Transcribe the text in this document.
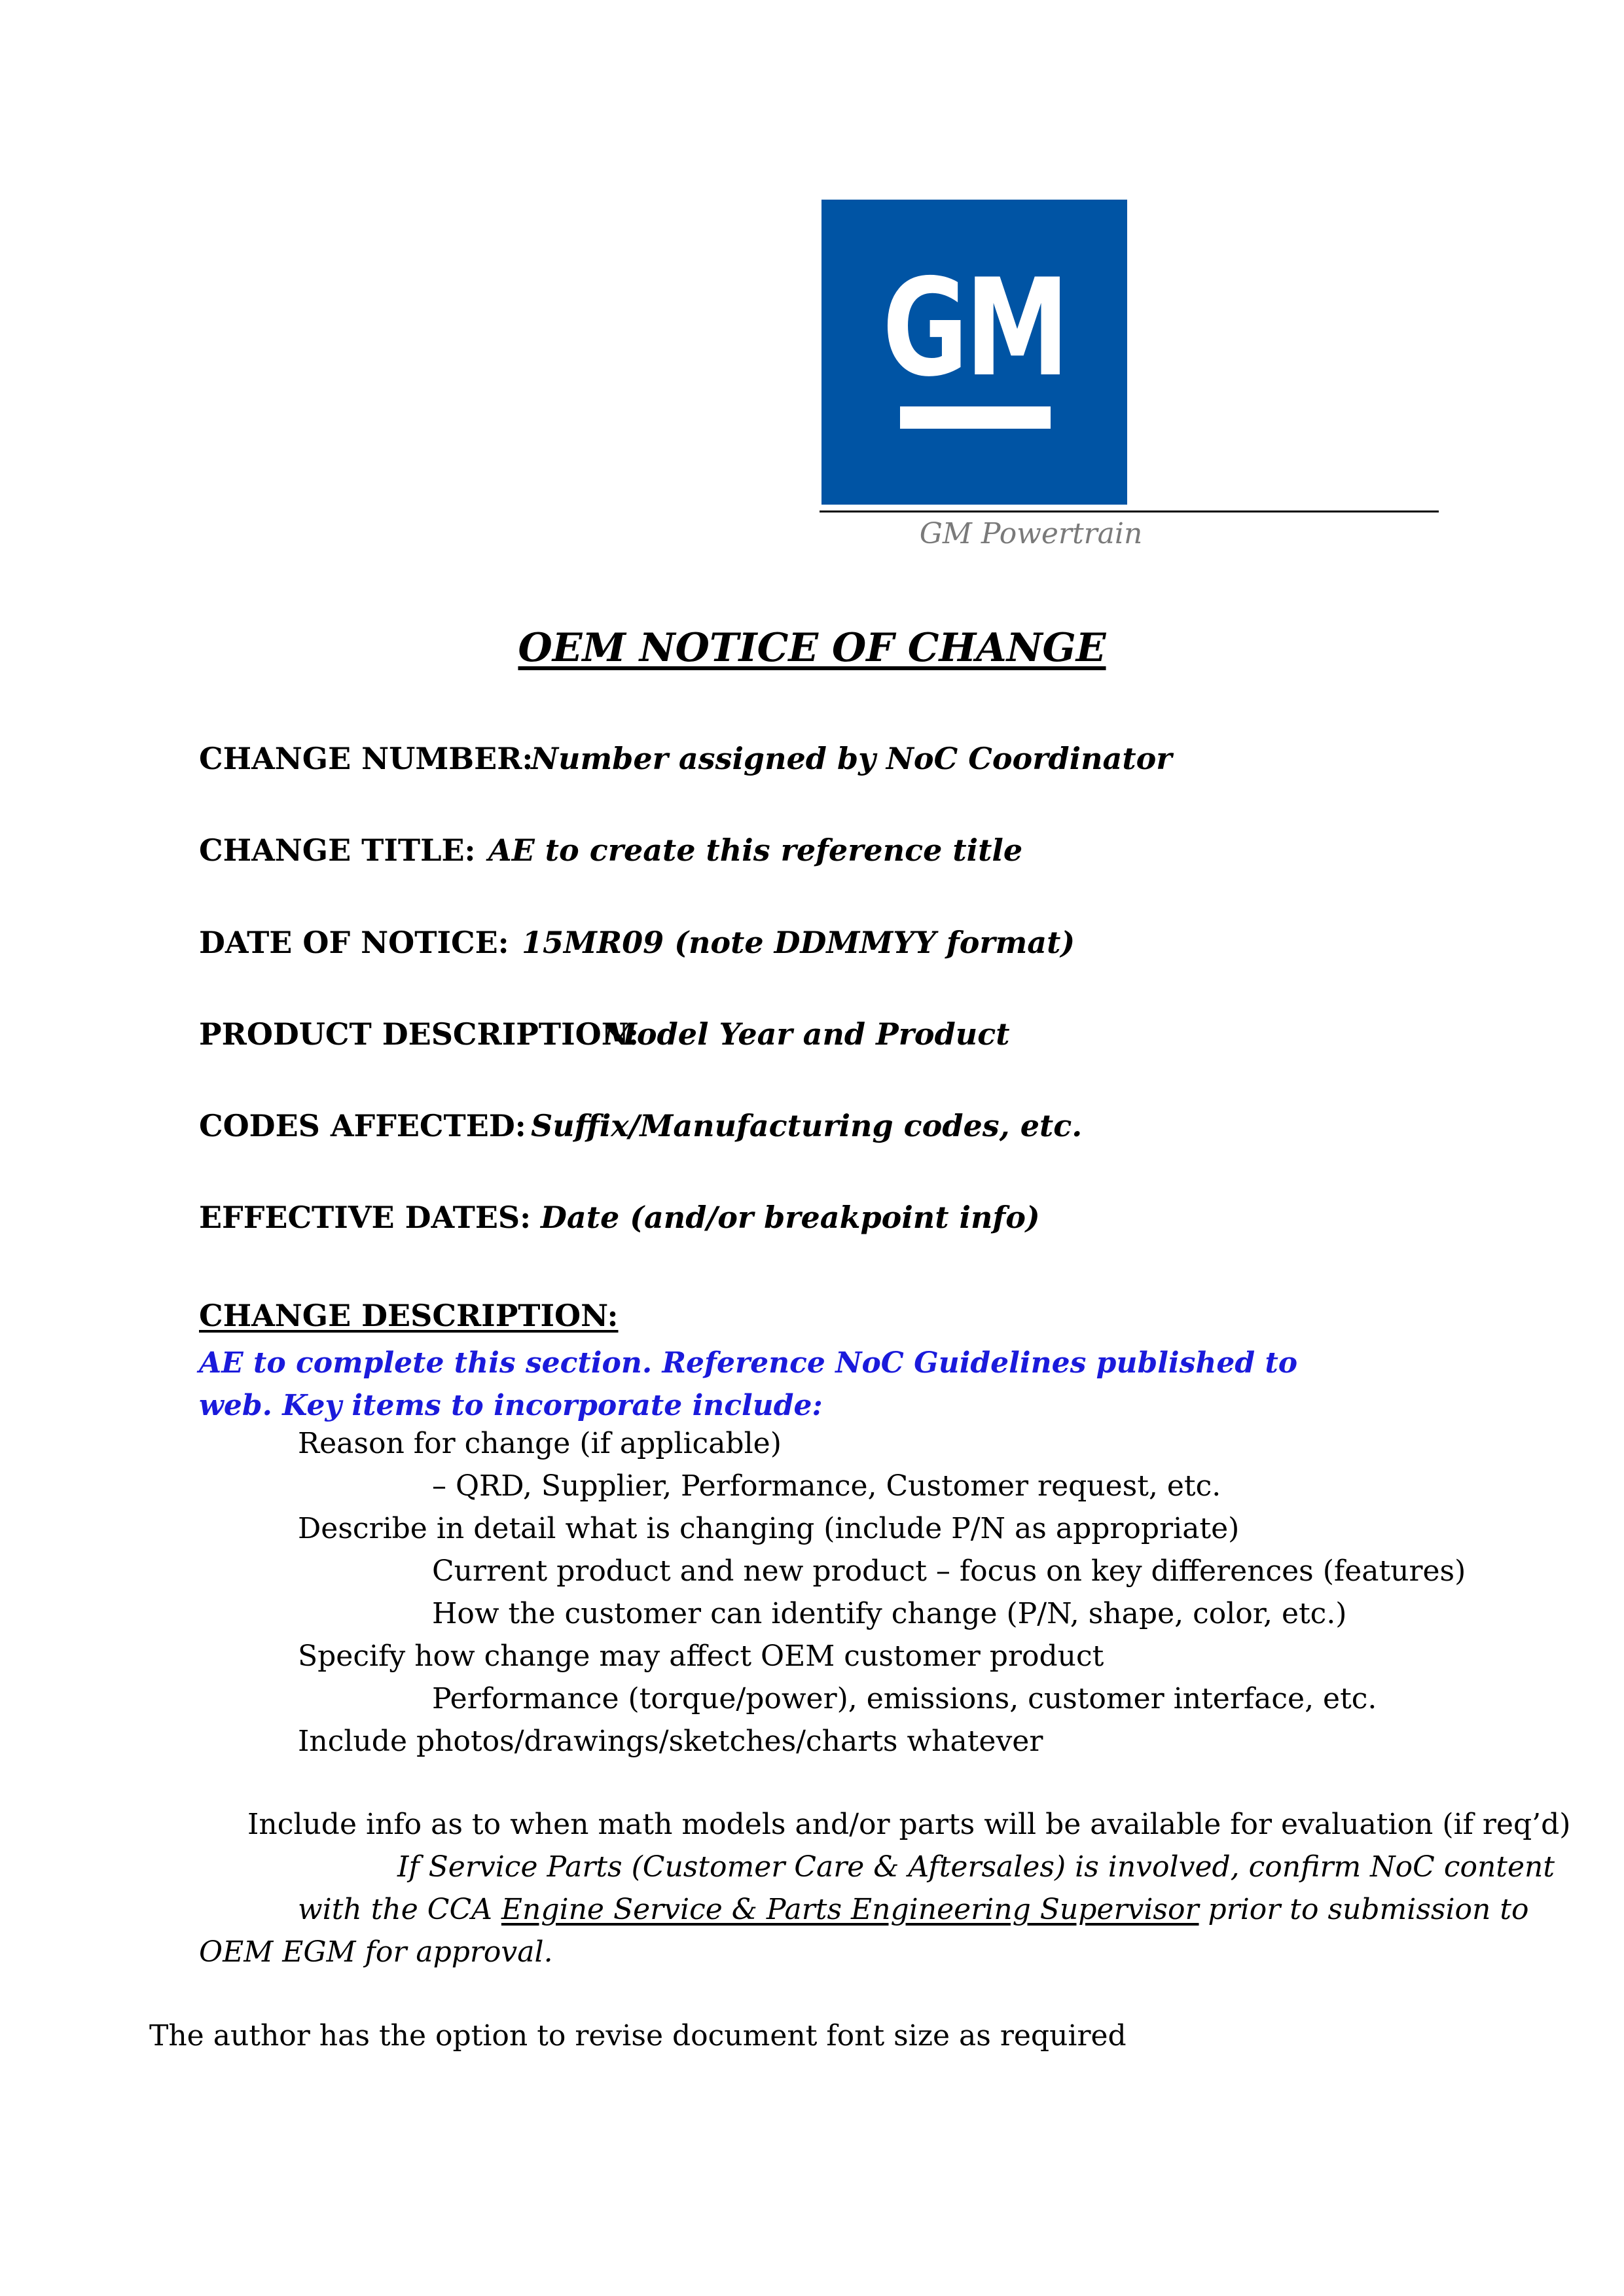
GM
GM Powertrain
OEM NOTICE OF CHANGE
CHANGE NUMBER:
Number assigned by NoC Coordinator
CHANGE TITLE: AE to create this reference title
DATE OF NOTICE: 15MR09 (note DDMMYY format)
PRODUCT DESCRIPTION:
Model Year and Product
CODES AFFECTED: Suffix/Manufacturing codes, etc.
EFFECTIVE DATES: Date (and/or breakpoint info)
CHANGE DESCRIPTION:
AE to complete this section. Reference NoC Guidelines published to web. Key items to incorporate include:
Reason for change (if applicable)
– QRD, Supplier, Performance, Customer request, etc.
Describe in detail what is changing (include P/N as appropriate)
Current product and new product – focus on key differences (features)
How the customer can identify change (P/N, shape, color, etc.)
Specify how change may affect OEM customer product
Performance (torque/power), emissions, customer interface, etc.
Include photos/drawings/sketches/charts whatever
Include info as to when math models and/or parts will be available for evaluation (if req’d)
If Service Parts (Customer Care & Aftersales) is involved, confirm NoC content
with the CCA Engine Service & Parts Engineering Supervisor prior to submission to
OEM EGM for approval.
The author has the option to revise document font size as required
